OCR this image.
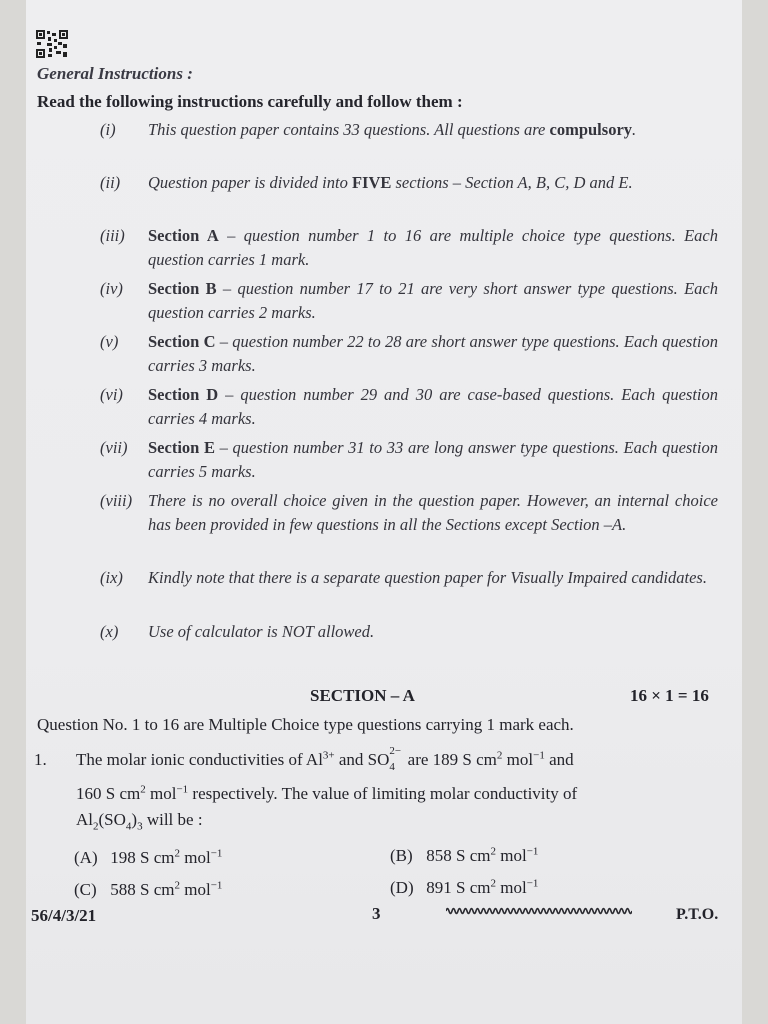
General Instructions :
Read the following instructions carefully and follow them :
(i)	This question paper contains 33 questions. All questions are compulsory.
(ii)	Question paper is divided into FIVE sections – Section A, B, C, D and E.
(iii)	Section A – question number 1 to 16 are multiple choice type questions. Each question carries 1 mark.
(iv)	Section B – question number 17 to 21 are very short answer type questions. Each question carries 2 marks.
(v)	Section C – question number 22 to 28 are short answer type questions. Each question carries 3 marks.
(vi)	Section D – question number 29 and 30 are case-based questions. Each question carries 4 marks.
(vii)	Section E – question number 31 to 33 are long answer type questions. Each question carries 5 marks.
(viii) There is no overall choice given in the question paper. However, an internal choice has been provided in few questions in all the Sections except Section –A.
(ix)	Kindly note that there is a separate question paper for Visually Impaired candidates.
(x)	Use of calculator is NOT allowed.
SECTION – A	16 × 1 = 16
Question No. 1 to 16 are Multiple Choice type questions carrying 1 mark each.
1. The molar ionic conductivities of $Al^{3+}$ and SO 2−
4 are 189 S $cm^2$ mol$^{-1}$ and
160 S $cm^2$ mol$^{-1}$ respectively. The value of limiting molar conductivity of
$Al_2(SO_4)_3$ will be :
(A) 198 S $cm^2$ mol$^{-1}$	(B) 858 S $cm^2$ mol$^{-1}$
(C) 588 S $cm^2$ mol$^{-1}$	(D) 891 S $cm^2$ mol$^{-1}$
56/4/3/21	3	P.T.O.
